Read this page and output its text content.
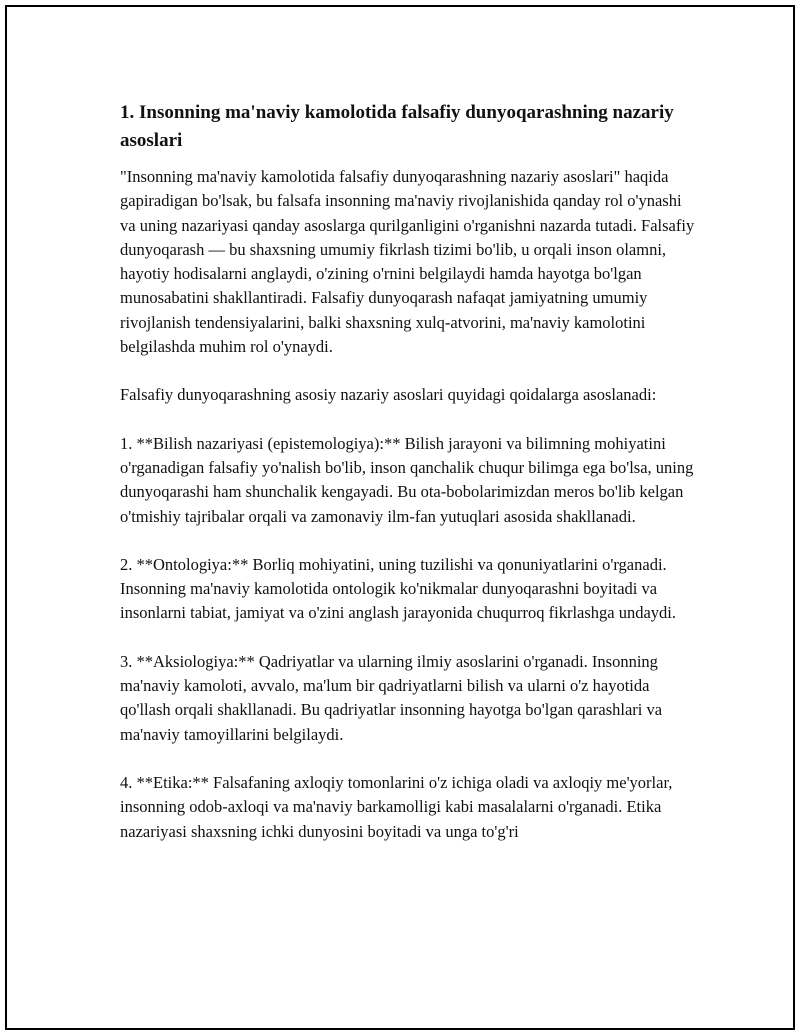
1. Insonning ma'naviy kamolotida falsafiy dunyoqarashning nazariy asoslari

"Insonning ma'naviy kamolotida falsafiy dunyoqarashning nazariy asoslari" haqida gapiradigan bo'lsak, bu falsafa insonning ma'naviy rivojlanishida qanday rol o'ynashi va uning nazariyasi qanday asoslarga qurilganligini o'rganishni nazarda tutadi. Falsafiy dunyoqarash — bu shaxsning umumiy fikrlash tizimi bo'lib, u orqali inson olamni, hayotiy hodisalarni anglaydi, o'zining o'rnini belgilaydi hamda hayotga bo'lgan munosabatini shakllantiradi. Falsafiy dunyoqarash nafaqat jamiyatning umumiy rivojlanish tendensiyalarini, balki shaxsning xulq-atvorini, ma'naviy kamolotini belgilashda muhim rol o'ynaydi.

Falsafiy dunyoqarashning asosiy nazariy asoslari quyidagi qoidalarga asoslanadi:

1. **Bilish nazariyasi (epistemologiya):** Bilish jarayoni va bilimning mohiyatini o'rganadigan falsafiy yo'nalish bo'lib, inson qanchalik chuqur bilimga ega bo'lsa, uning dunyoqarashi ham shunchalik kengayadi. Bu ota-bobolarimizdan meros bo'lib kelgan o'tmishiy tajribalar orqali va zamonaviy ilm-fan yutuqlari asosida shakllanadi.

2. **Ontologiya:** Borliq mohiyatini, uning tuzilishi va qonuniyatlarini o'rganadi. Insonning ma'naviy kamolotida ontologik ko'nikmalar dunyoqarashni boyitadi va insonlarni tabiat, jamiyat va o'zini anglash jarayonida chuqurroq fikrlashga undaydi.

3. **Aksiologiya:** Qadriyatlar va ularning ilmiy asoslarini o'rganadi. Insonning ma'naviy kamoloti, avvalo, ma'lum bir qadriyatlarni bilish va ularni o'z hayotida qo'llash orqali shakllanadi. Bu qadriyatlar insonning hayotga bo'lgan qarashlari va ma'naviy tamoyillarini belgilaydi.

4. **Etika:** Falsafaning axloqiy tomonlarini o'z ichiga oladi va axloqiy me'yorlar, insonning odob-axloqi va ma'naviy barkamolligi kabi masalalarni o'rganadi. Etika nazariyasi shaxsning ichki dunyosini boyitadi va unga to'g'ri
